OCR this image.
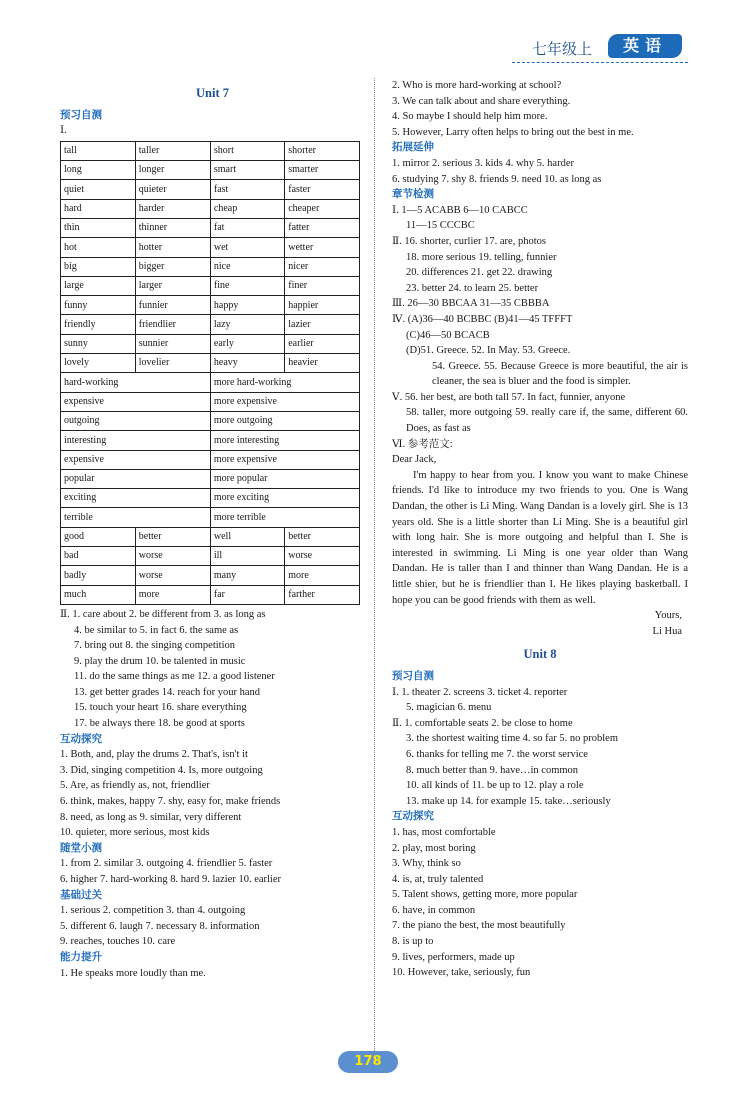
七年级上	英语
Unit 7
预习自测
Ⅰ.
tall	taller	short	shorter
long	longer	smart	smarter
quiet	quieter	fast	faster
hard	harder	cheap	cheaper
thin	thinner	fat	fatter
hot	hotter	wet	wetter
big	bigger	nice	nicer
large	larger	fine	finer
funny	funnier	happy	happier
friendly	friendlier	lazy	lazier
sunny	sunnier	early	earlier
lovely	lovelier	heavy	heavier
hard-working		more hard-working	
expensive		more expensive	
outgoing		more outgoing	
interesting		more interesting	
expensive		more expensive	
popular		more popular	
exciting		more exciting	
terrible		more terrible	
good	better	well	better
bad	worse	ill	worse
badly	worse	many	more
much	more	far	farther
Ⅱ. 1. care about 2. be different from 3. as long as
4. be similar to 5. in fact 6. the same as
7. bring out 8. the singing competition
9. play the drum 10. be talented in music
11. do the same things as me 12. a good listener
13. get better grades 14. reach for your hand
15. touch your heart 16. share everything
17. be always there 18. be good at sports
互动探究
1. Both, and, play the drums 2. That's, isn't it
3. Did, singing competition 4. Is, more outgoing
5. Are, as friendly as, not, friendlier
6. think, makes, happy 7. shy, easy for, make friends
8. need, as long as 9. similar, very different
10. quieter, more serious, most kids
随堂小测
1. from 2. similar 3. outgoing 4. friendlier 5. faster
6. higher 7. hard-working 8. hard 9. lazier 10. earlier
基础过关
1. serious 2. competition 3. than 4. outgoing
5. different 6. laugh 7. necessary 8. information
9. reaches, touches 10. care
能力提升
1. He speaks more loudly than me.
2. Who is more hard-working at school?
3. We can talk about and share everything.
4. So maybe I should help him more.
5. However, Larry often helps to bring out the best in me.
拓展延伸
1. mirror 2. serious 3. kids 4. why 5. harder
6. studying 7. shy 8. friends 9. need 10. as long as
章节检测
Ⅰ. 1—5 ACABB 6—10 CABCC
11—15 CCCBC
Ⅱ. 16. shorter, curlier 17. are, photos
18. more serious 19. telling, funnier
20. differences 21. get 22. drawing
23. better 24. to learn 25. better
Ⅲ. 26—30 BBCAA 31—35 CBBBA
Ⅳ. (A)36—40 BCBBC (B)41—45 TFFFT
(C)46—50 BCACB
(D)51. Greece. 52. In May. 53. Greece.
54. Greece. 55. Because Greece is more beautiful, the air is cleaner, the sea is bluer and the food is simpler.
Ⅴ. 56. her best, are both tall 57. In fact, funnier, anyone
58. taller, more outgoing 59. really care if, the same, different 60. Does, as fast as
Ⅵ. 参考范文:
Dear Jack,

I'm happy to hear from you. I know you want to make Chinese friends. I'd like to introduce my two friends to you. One is Wang Dandan, the other is Li Ming. Wang Dandan is a lovely girl. She is 13 years old. She is a little shorter than Li Ming. She is a beautiful girl with long hair. She is more outgoing and helpful than I. She is interested in swimming. Li Ming is one year older than Wang Dandan. He is taller than I and thinner than Wang Dandan. He is a little shier, but he is friendlier than I. He likes playing basketball. I hope you can be good friends with them as well.

Yours,
Li Hua
Unit 8
预习自测
Ⅰ. 1. theater 2. screens 3. ticket 4. reporter
5. magician 6. menu
Ⅱ. 1. comfortable seats 2. be close to home
3. the shortest waiting time 4. so far 5. no problem
6. thanks for telling me 7. the worst service
8. much better than 9. have…in common
10. all kinds of 11. be up to 12. play a role
13. make up 14. for example 15. take…seriously
互动探究
1. has, most comfortable
2. play, most boring
3. Why, think so
4. is, at, truly talented
5. Talent shows, getting more, more popular
6. have, in common
7. the piano the best, the most beautifully
8. is up to
9. lives, performers, made up
10. However, take, seriously, fun
178
